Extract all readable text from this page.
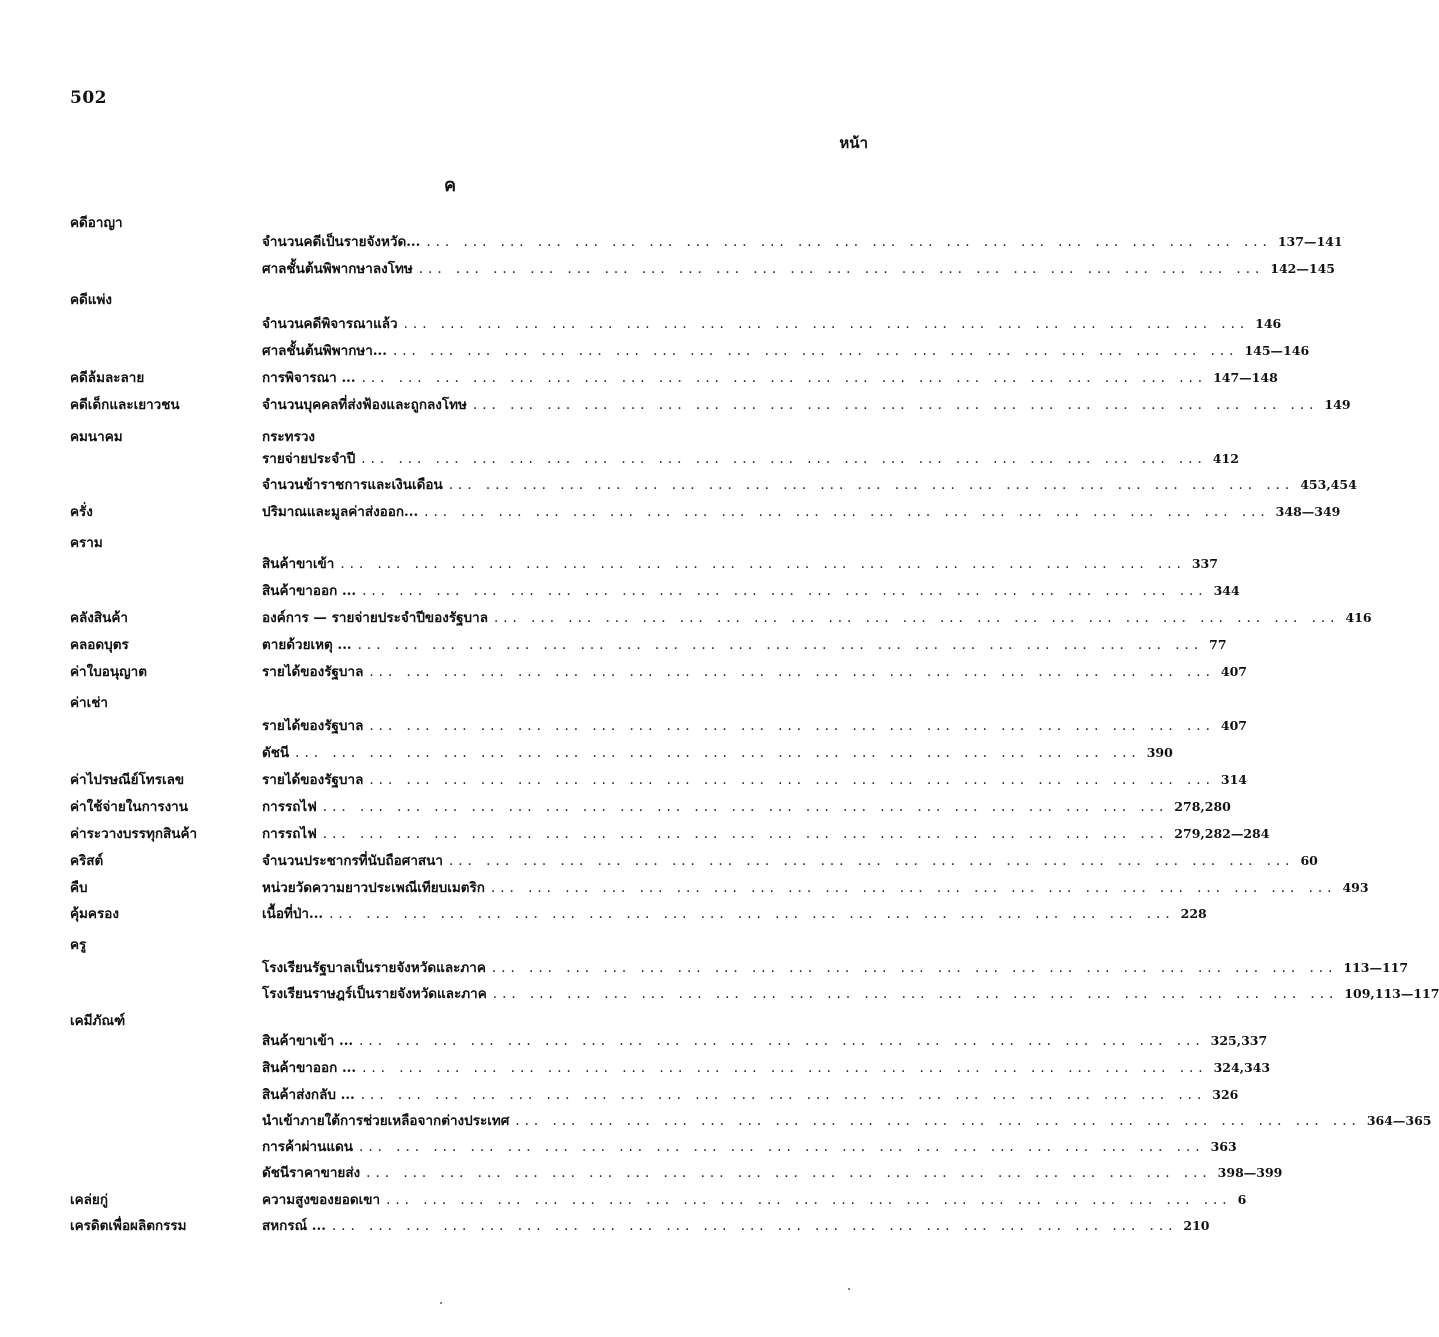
502
หน้า
ค
คดีอาญา
จำนวนคดีเป็นรายจังหวัด... ... ... ... ... ... ... ... ... ... ... ... ... ... ... ... ... ... ... ... ... ... ... ... 137—141
ศาลชั้นต้นพิพากษาลงโทษ ... ... ... ... ... ... ... ... ... ... ... ... ... ... ... ... ... ... ... ... ... ... ... 142—145
คดีแพ่ง
จำนวนคดีพิจารณาแล้ว ... ... ... ... ... ... ... ... ... ... ... ... ... ... ... ... ... ... ... ... ... ... ... 146
ศาลชั้นต้นพิพากษา... ... ... ... ... ... ... ... ... ... ... ... ... ... ... ... ... ... ... ... ... ... ... ... 145—146
คดีล้มละลาย	การพิจารณา ... ... ... ... ... ... ... ... ... ... ... ... ... ... ... ... ... ... ... ... ... ... ... ... 147—148
คดีเด็กและเยาวชน	จำนวนบุคคลที่ส่งฟ้องและถูกลงโทษ ... ... ... ... ... ... ... ... ... ... ... ... ... ... ... ... ... ... ... ... ... ... ... 149
คมนาคม	กระทรวง
รายจ่ายประจำปี ... ... ... ... ... ... ... ... ... ... ... ... ... ... ... ... ... ... ... ... ... ... ... 412
จำนวนข้าราชการและเงินเดือน ... ... ... ... ... ... ... ... ... ... ... ... ... ... ... ... ... ... ... ... ... ... ... 453,454
ครั่ง	ปริมาณและมูลค่าส่งออก... ... ... ... ... ... ... ... ... ... ... ... ... ... ... ... ... ... ... ... ... ... ... ... 348—349
คราม
สินค้าขาเข้า ... ... ... ... ... ... ... ... ... ... ... ... ... ... ... ... ... ... ... ... ... ... ... 337
สินค้าขาออก ... ... ... ... ... ... ... ... ... ... ... ... ... ... ... ... ... ... ... ... ... ... ... ... 344
คลังสินค้า	องค์การ — รายจ่ายประจำปีของรัฐบาล ... ... ... ... ... ... ... ... ... ... ... ... ... ... ... ... ... ... ... ... ... ... ... 416
คลอดบุตร	ตายด้วยเหตุ ... ... ... ... ... ... ... ... ... ... ... ... ... ... ... ... ... ... ... ... ... ... ... ... 77
ค่าใบอนุญาต	รายได้ของรัฐบาล ... ... ... ... ... ... ... ... ... ... ... ... ... ... ... ... ... ... ... ... ... ... ... 407
ค่าเช่า
รายได้ของรัฐบาล ... ... ... ... ... ... ... ... ... ... ... ... ... ... ... ... ... ... ... ... ... ... ... 407
ดัชนี ... ... ... ... ... ... ... ... ... ... ... ... ... ... ... ... ... ... ... ... ... ... ... 390
ค่าไปรษณีย์โทรเลข	รายได้ของรัฐบาล ... ... ... ... ... ... ... ... ... ... ... ... ... ... ... ... ... ... ... ... ... ... ... 314
ค่าใช้จ่ายในการงาน	การรถไฟ ... ... ... ... ... ... ... ... ... ... ... ... ... ... ... ... ... ... ... ... ... ... ... 278,280
ค่าระวางบรรทุกสินค้า	การรถไฟ ... ... ... ... ... ... ... ... ... ... ... ... ... ... ... ... ... ... ... ... ... ... ... 279,282—284
คริสต์	จำนวนประชากรที่นับถือศาสนา ... ... ... ... ... ... ... ... ... ... ... ... ... ... ... ... ... ... ... ... ... ... ... 60
คืบ	หน่วยวัดความยาวประเพณีเทียบเมตริก ... ... ... ... ... ... ... ... ... ... ... ... ... ... ... ... ... ... ... ... ... ... ... 493
คุ้มครอง	เนื้อที่ป่า... ... ... ... ... ... ... ... ... ... ... ... ... ... ... ... ... ... ... ... ... ... ... ... 228
ครู
โรงเรียนรัฐบาลเป็นรายจังหวัดและภาค ... ... ... ... ... ... ... ... ... ... ... ... ... ... ... ... ... ... ... ... ... ... ... 113—117
โรงเรียนราษฎร์เป็นรายจังหวัดและภาค ... ... ... ... ... ... ... ... ... ... ... ... ... ... ... ... ... ... ... ... ... ... ... 109,113—117
เคมีภัณฑ์
สินค้าขาเข้า ... ... ... ... ... ... ... ... ... ... ... ... ... ... ... ... ... ... ... ... ... ... ... ... 325,337
สินค้าขาออก ... ... ... ... ... ... ... ... ... ... ... ... ... ... ... ... ... ... ... ... ... ... ... ... 324,343
สินค้าส่งกลับ ... ... ... ... ... ... ... ... ... ... ... ... ... ... ... ... ... ... ... ... ... ... ... ... 326
นำเข้าภายใต้การช่วยเหลือจากต่างประเทศ ... ... ... ... ... ... ... ... ... ... ... ... ... ... ... ... ... ... ... ... ... ... ... 364—365
การค้าผ่านแดน ... ... ... ... ... ... ... ... ... ... ... ... ... ... ... ... ... ... ... ... ... ... ... 363
ดัชนีราคาขายส่ง ... ... ... ... ... ... ... ... ... ... ... ... ... ... ... ... ... ... ... ... ... ... ... 398—399
เคล่ยกู่	ความสูงของยอดเขา ... ... ... ... ... ... ... ... ... ... ... ... ... ... ... ... ... ... ... ... ... ... ... 6
เครดิตเพื่อผลิตกรรม	สหกรณ์ ... ... ... ... ... ... ... ... ... ... ... ... ... ... ... ... ... ... ... ... ... ... ... ... 210
